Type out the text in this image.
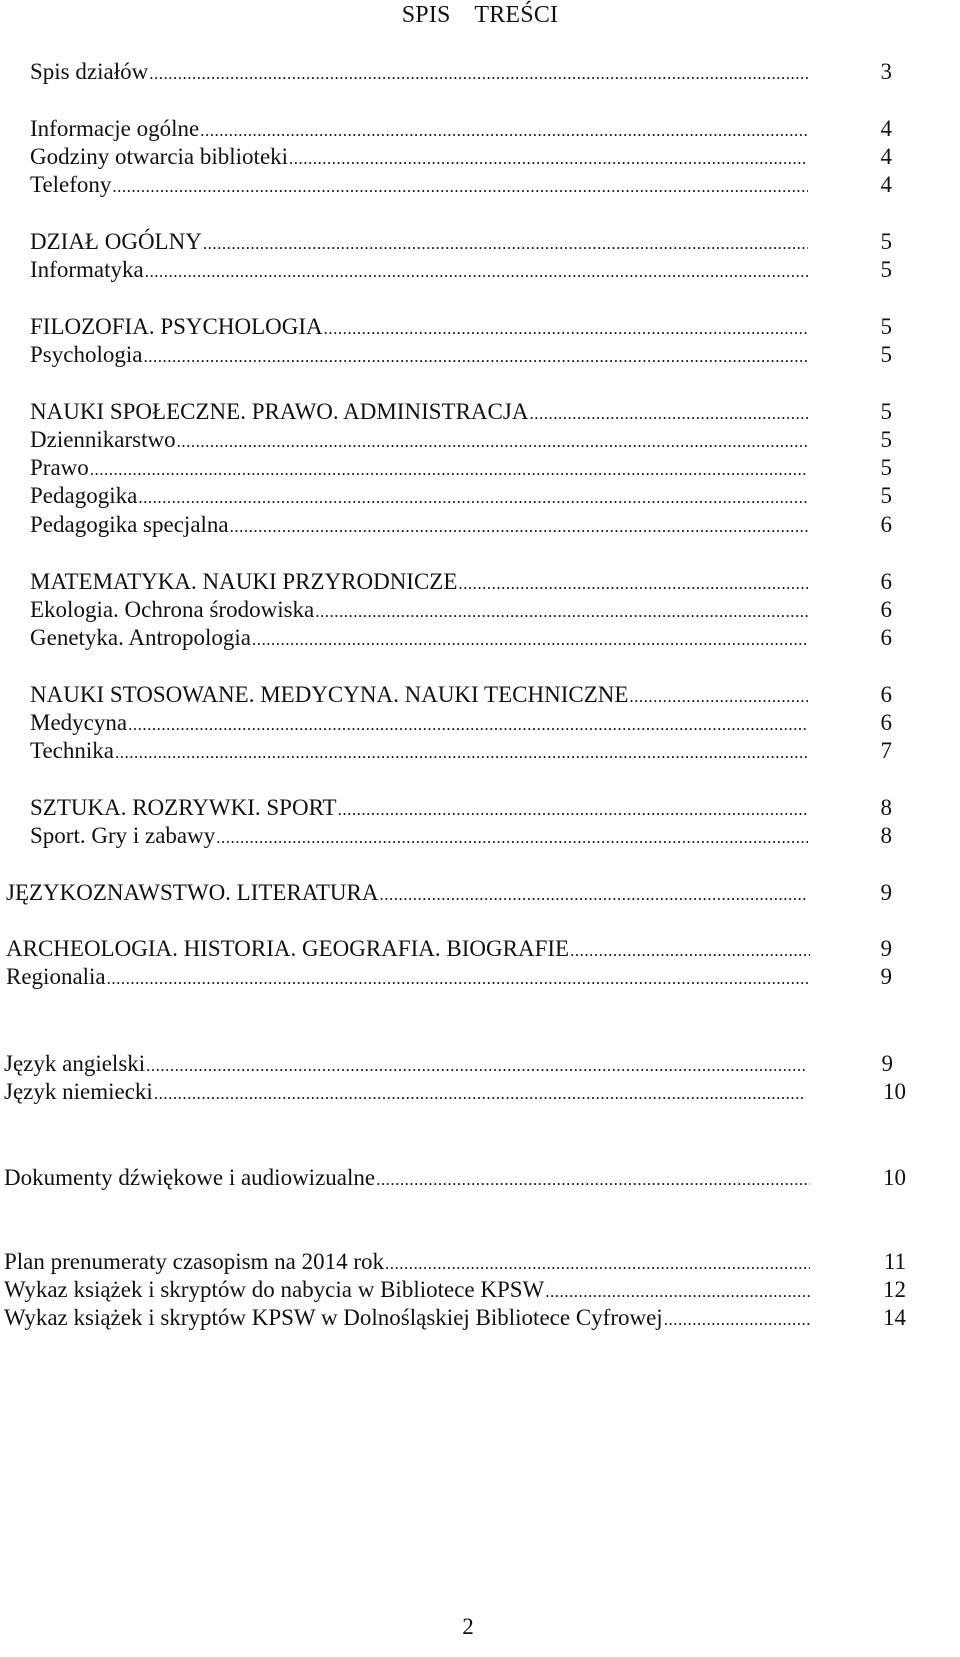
SPIS TREŚCI
Spis działów .....	3
Informacje ogólne .....	4
Godziny otwarcia biblioteki .....	4
Telefony .....	4
DZIAŁ OGÓLNY .....	5
Informatyka .....	5
FILOZOFIA. PSYCHOLOGIA .....	5
Psychologia .....	5
NAUKI SPOŁECZNE. PRAWO. ADMINISTRACJA .....	5
Dziennikarstwo .....	5
Prawo .....	5
Pedagogika .....	5
Pedagogika specjalna .....	6
MATEMATYKA. NAUKI PRZYRODNICZE .....	6
Ekologia. Ochrona środowiska .....	6
Genetyka. Antropologia .....	6
NAUKI STOSOWANE. MEDYCYNA. NAUKI TECHNICZNE .....	6
Medycyna .....	6
Technika .....	7
SZTUKA. ROZRYWKI. SPORT .....	8
Sport. Gry i zabawy .....	8
JĘZYKOZNAWSTWO. LITERATURA .....	9
ARCHEOLOGIA. HISTORIA. GEOGRAFIA. BIOGRAFIE .....	9
Regionalia .....	9
Język angielski .....	9
Język niemiecki .....	10
Dokumenty dźwiękowe i audiowizualne .....	10
Plan prenumeraty czasopism na 2014 rok .....	11
Wykaz książek i skryptów do nabycia w Bibliotece KPSW .....	12
Wykaz książek i skryptów KPSW w Dolnośląskiej Bibliotece Cyfrowej .....	14
2
